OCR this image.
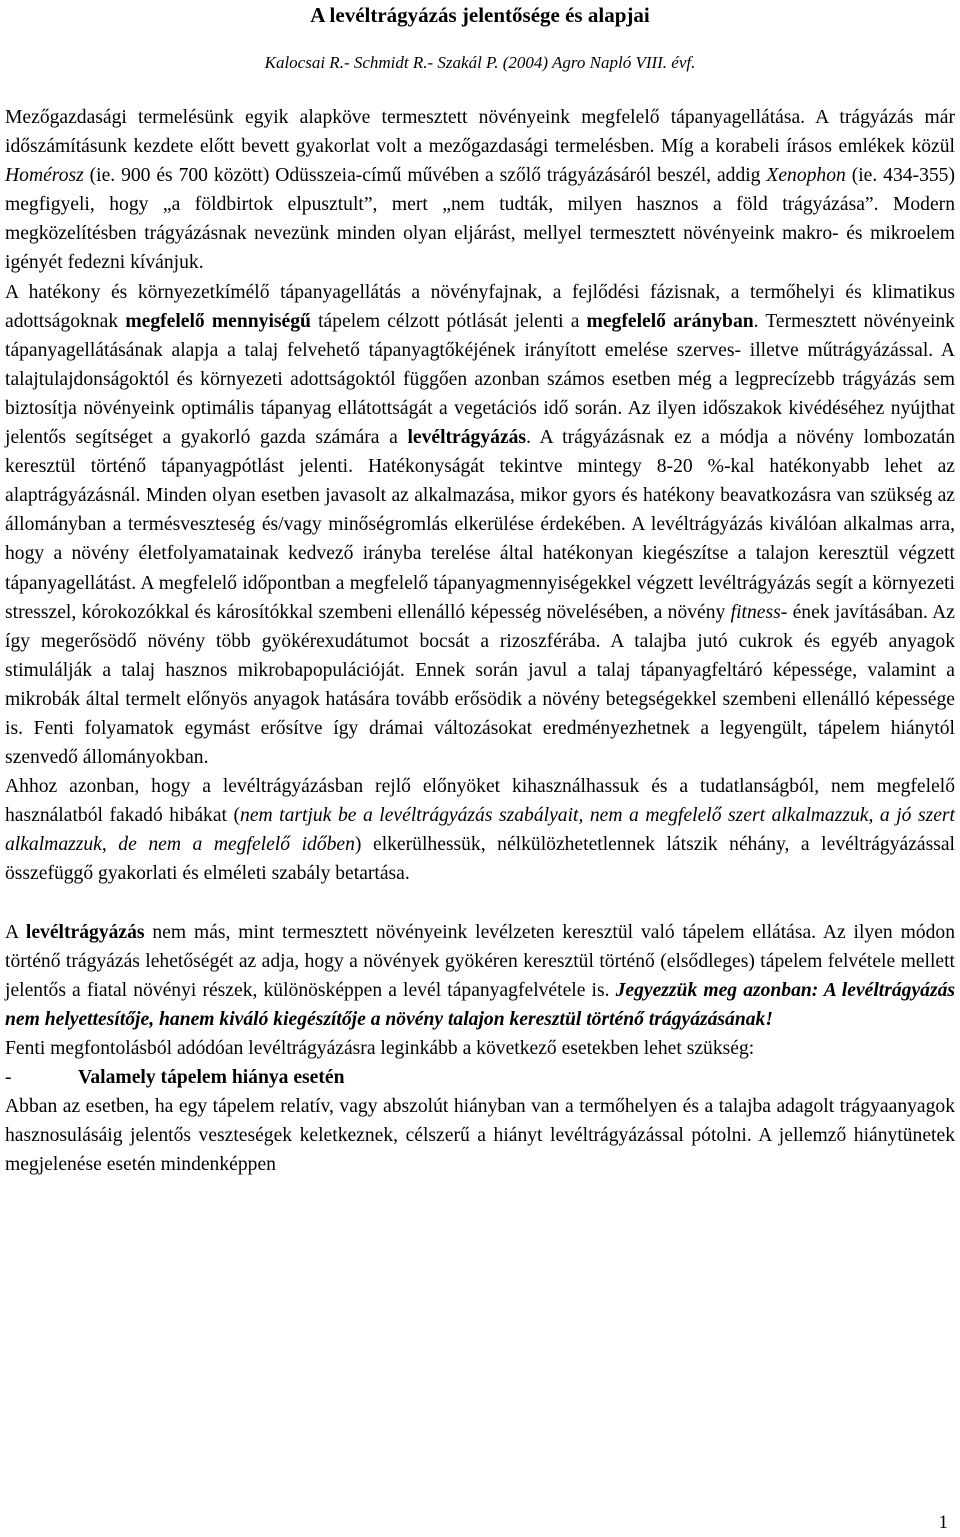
A levéltrágyázás jelentősége és alapjai

Kalocsai R.- Schmidt R.- Szakál P. (2004) Agro Napló VIII. évf.

Mezőgazdasági termelésünk egyik alapköve termesztett növényeink megfelelő tápanyagellátása. A trágyázás már időszámításunk kezdete előtt bevett gyakorlat volt a mezőgazdasági termelésben. Míg a korabeli írásos emlékek közül Homérosz (ie. 900 és 700 között) Odüsszeia-című művében a szőlő trágyázásáról beszél, addig Xenophon (ie. 434-355) megfigyeli, hogy „a földbirtok elpusztult”, mert „nem tudták, milyen hasznos a föld trágyázása”. Modern megközelítésben trágyázásnak nevezünk minden olyan eljárást, mellyel termesztett növényeink makro- és mikroelem igényét fedezni kívánjuk.

A hatékony és környezetkímélő tápanyagellátás a növényfajnak, a fejlődési fázisnak, a termőhelyi és klimatikus adottságoknak megfelelő mennyiségű tápelem célzott pótlását jelenti a megfelelő arányban. Termesztett növényeink tápanyagellátásának alapja a talaj felvehető tápanyagtőkéjének irányított emelése szerves- illetve műtrágyázással. A talajtulajdonságoktól és környezeti adottságoktól függően azonban számos esetben még a legprecízebb trágyázás sem biztosítja növényeink optimális tápanyag ellátottságát a vegetációs idő során. Az ilyen időszakok kivédéséhez nyújthat jelentős segítséget a gyakorló gazda számára a levéltrágyázás. A trágyázásnak ez a módja a növény lombozatán keresztül történő tápanyagpótlást jelenti. Hatékonyságát tekintve mintegy 8-20 %-kal hatékonyabb lehet az alaptrágyázásnál. Minden olyan esetben javasolt az alkalmazása, mikor gyors és hatékony beavatkozásra van szükség az állományban a termésveszteség és/vagy minőségromlás elkerülése érdekében. A levéltrágyázás kiválóan alkalmas arra, hogy a növény életfolyamatainak kedvező irányba terelése által hatékonyan kiegészítse a talajon keresztül végzett tápanyagellátást. A megfelelő időpontban a megfelelő tápanyagmennyiségekkel végzett levéltrágyázás segít a környezeti stresszel, kórokozókkal és károsítókkal szembeni ellenálló képesség növelésében, a növény fitness- ének javításában. Az így megerősödő növény több gyökérexudátumot bocsát a rizoszférába. A talajba jutó cukrok és egyéb anyagok stimulálják a talaj hasznos mikrobapopulációját. Ennek során javul a talaj tápanyagfeltáró képessége, valamint a mikrobák által termelt előnyös anyagok hatására tovább erősödik a növény betegségekkel szembeni ellenálló képessége is. Fenti folyamatok egymást erősítve így drámai változásokat eredményezhetnek a legyengült, tápelem hiánytól szenvedő állományokban.

Ahhoz azonban, hogy a levéltrágyázásban rejlő előnyöket kihasználhassuk és a tudatlanságból, nem megfelelő használatból fakadó hibákat (nem tartjuk be a levéltrágyázás szabályait, nem a megfelelő szert alkalmazzuk, a jó szert alkalmazzuk, de nem a megfelelő időben) elkerülhessük, nélkülözhetetlennek látszik néhány, a levéltrágyázással összefüggő gyakorlati és elméleti szabály betartása.

A levéltrágyázás nem más, mint termesztett növényeink levélzeten keresztül való tápelem ellátása. Az ilyen módon történő trágyázás lehetőségét az adja, hogy a növények gyökéren keresztül történő (elsődleges) tápelem felvétele mellett jelentős a fiatal növényi részek, különösképpen a levél tápanyagfelvétele is. Jegyezzük meg azonban: A levéltrágyázás nem helyettesítője, hanem kiváló kiegészítője a növény talajon keresztül történő trágyázásának!

Fenti megfontolásból adódóan levéltrágyázásra leginkább a következő esetekben lehet szükség:

-	Valamely tápelem hiánya esetén

Abban az esetben, ha egy tápelem relatív, vagy abszolút hiányban van a termőhelyen és a talajba adagolt trágyaanyagok hasznosulásáig jelentős veszteségek keletkeznek, célszerű a hiányt levéltrágyázással pótolni. A jellemző hiánytünetek megjelenése esetén mindenképpen

1
